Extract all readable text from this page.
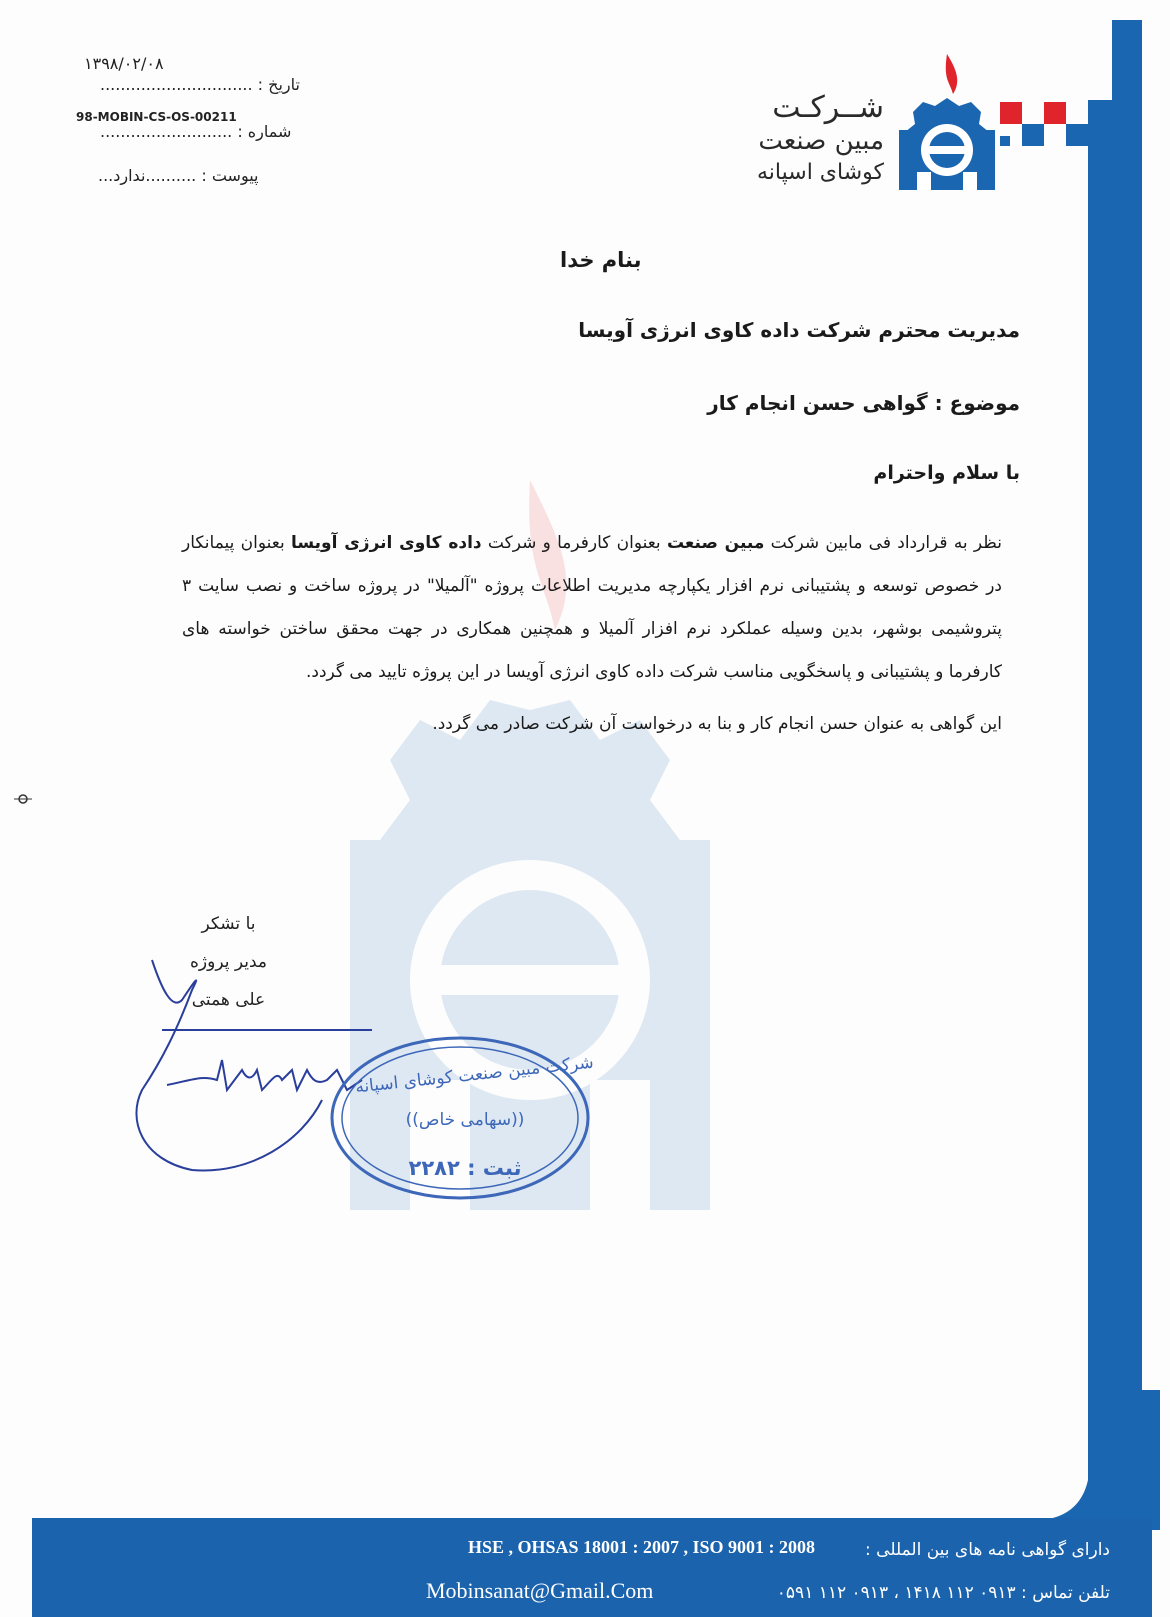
شــرکـت
مبین صنعت
کوشای اسپانه
۱۳۹۸/۰۲/۰۸
تاریخ : ..............................
98-MOBIN-CS-OS-00211
شماره : ..........................
پیوست : ..........ندارد...
بنام خدا
مدیریت محترم شرکت داده کاوی انرژی آویسا
موضوع : گواهی حسن انجام کار
با سلام واحترام
نظر به قرارداد فی مابین شرکت مبین صنعت بعنوان کارفرما و شرکت داده کاوی انرژی آویسا بعنوان پیمانکار در خصوص توسعه و پشتیبانی نرم افزار یکپارچه مدیریت اطلاعات پروژه "آلمیلا" در پروژه ساخت و نصب سایت ۳ پتروشیمی بوشهر، بدین وسیله عملکرد نرم افزار آلمیلا و همچنین همکاری در جهت محقق ساختن خواسته های کارفرما و پشتیبانی و پاسخگویی مناسب شرکت داده کاوی انرژی آویسا در این پروژه تایید می گردد.
این گواهی به عنوان حسن انجام کار و بنا به درخواست آن شرکت صادر می گردد.
با تشکر
مدیر پروژه
علی همتی
شرکت مبین صنعت کوشای اسپانه
((سهامی خاص))
ثبت : ۲۲۸۲
دارای گواهی نامه های بین المللی :
HSE , OHSAS 18001 : 2007 , ISO 9001 : 2008
تلفن تماس : ۰۹۱۳ ۱۱۲ ۱۴۱۸ ، ۰۹۱۳ ۱۱۲ ۰۵۹۱
Mobinsanat@Gmail.Com
